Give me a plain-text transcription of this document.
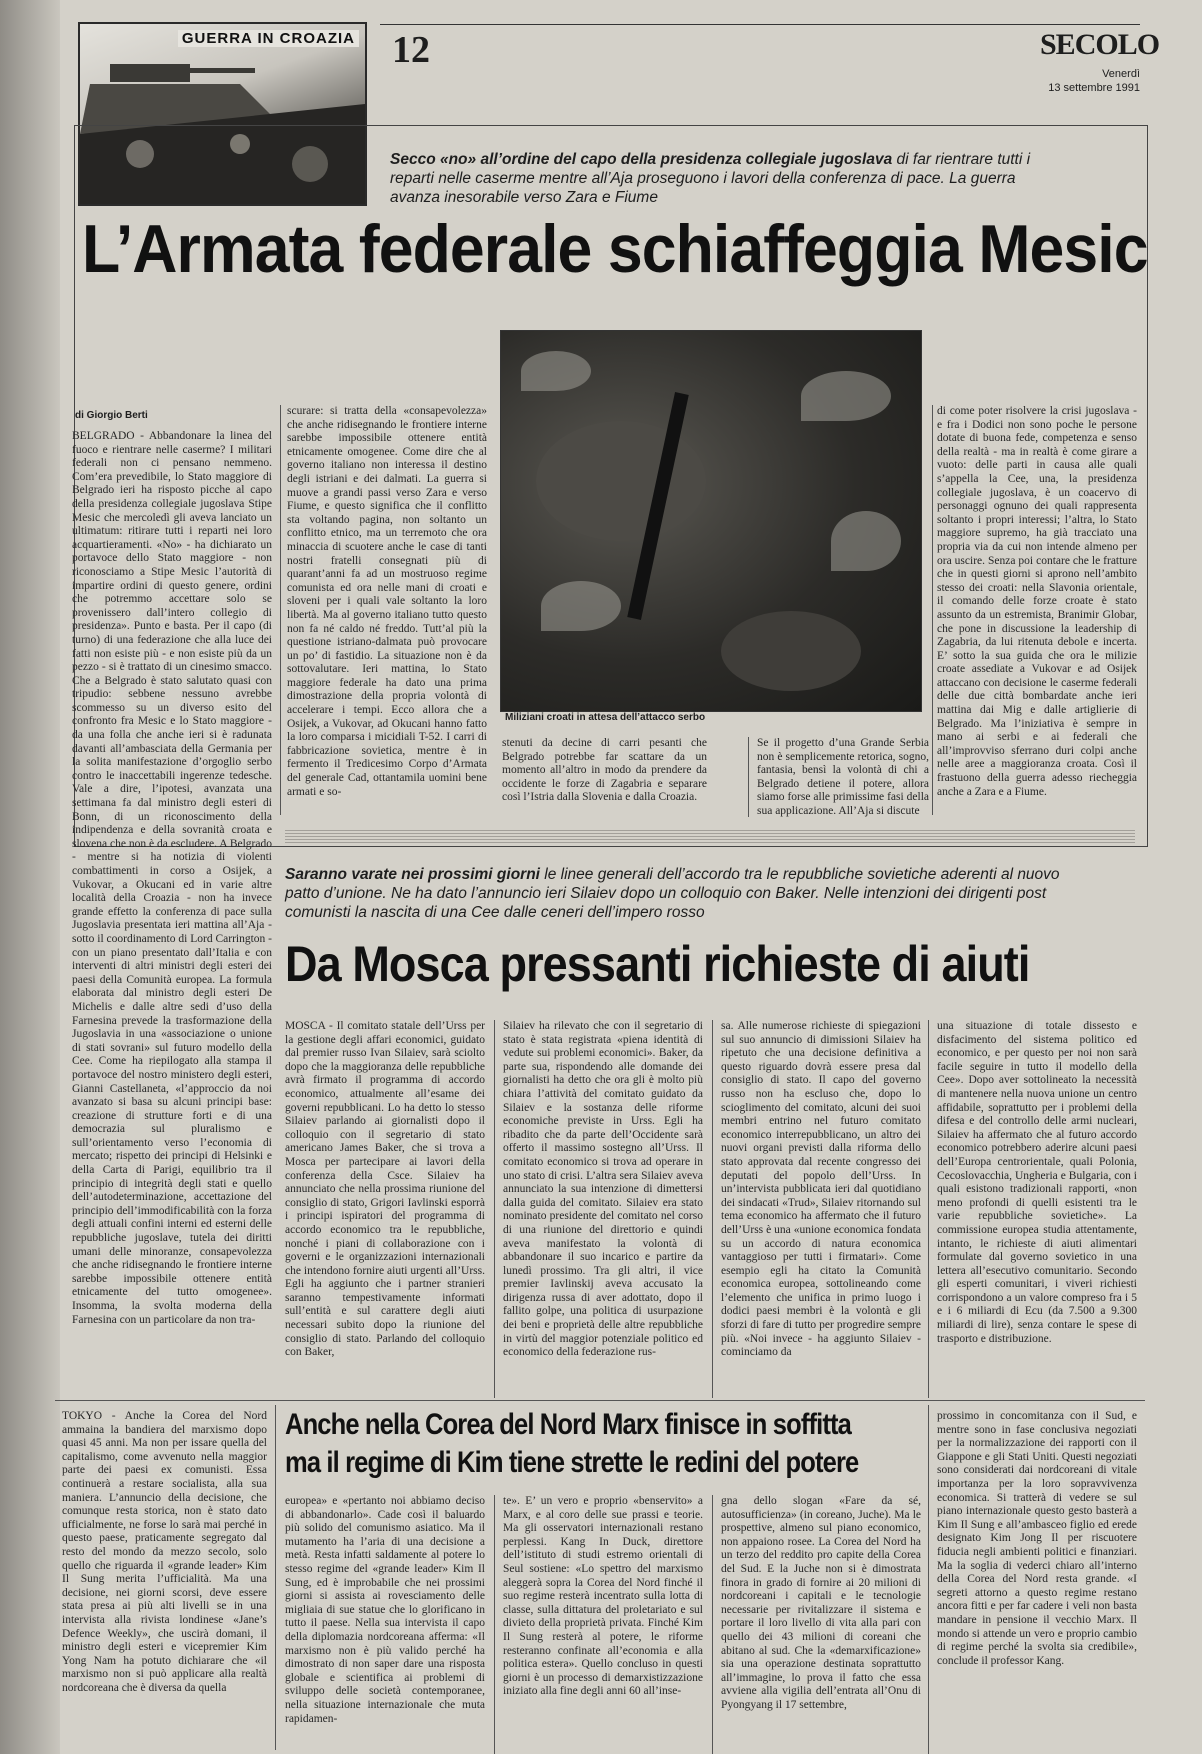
GUERRA IN CROAZIA 12	SECOLO
Venerdì
13 settembre 1991
Secco «no» all’ordine del capo della presidenza collegiale jugoslava di far rientrare tutti i reparti nelle caserme mentre all’Aja proseguono i lavori della conferenza di pace. La guerra avanza inesorabile verso Zara e Fiume
L’Armata federale schiaffeggia Mesic
di Giorgio Berti
BELGRADO - Abbandonare la linea del fuoco e rientrare nelle caserme? I militari federali non ci pensano nemmeno. Com’era prevedibile, lo Stato maggiore di Belgrado ieri ha risposto picche al capo della presidenza collegiale jugoslava Stipe Mesic che mercoledì gli aveva lanciato un ultimatum: ritirare tutti i reparti nei loro acquartieramenti. «No» - ha dichiarato un portavoce dello Stato maggiore - non riconosciamo a Stipe Mesic l’autorità di impartire ordini di questo genere, ordini che potremmo accettare solo se provenissero dall’intero collegio di presidenza». Punto e basta. Per il capo (di turno) di una federazione che alla luce dei fatti non esiste più - e non esiste più da un pezzo - si è trattato di un cinesimo smacco. Che a Belgrado è stato salutato quasi con tripudio: sebbene nessuno avrebbe scommesso su un diverso esito del confronto fra Mesic e lo Stato maggiore - da una folla che anche ieri si è radunata davanti all’ambasciata della Germania per la solita manifestazione d’orgoglio serbo contro le inaccettabili ingerenze tedesche. Vale a dire, l’ipotesi, avanzata una settimana fa dal ministro degli esteri di Bonn, di un riconoscimento della indipendenza e della sovranità croata e slovena che non è da escludere. A Belgrado - mentre si ha notizia di violenti combattimenti in corso a Osijek, a Vukovar, a Okucani ed in varie altre località della Croazia - non ha invece grande effetto la conferenza di pace sulla Jugoslavia presentata ieri mattina all’Aja - sotto il coordinamento di Lord Carrington - con un piano presentato dall’Italia e con interventi di altri ministri degli esteri dei paesi della Comunità europea. La formula elaborata dal ministro degli esteri De Michelis e dalle altre sedi d’uso della Farnesina prevede la trasformazione della Jugoslavia in una «associazione o unione di stati sovrani» sul futuro modello della Cee. Come ha riepilogato alla stampa il portavoce del nostro ministero degli esteri, Gianni Castellaneta, «l’approccio da noi avanzato si basa su alcuni principi base: creazione di strutture forti e di una democrazia sul pluralismo e sull’orientamento verso l’economia di mercato; rispetto dei principi di Helsinki e della Carta di Parigi, equilibrio tra il principio di integrità degli stati e quello dell’autodeterminazione, accettazione del principio dell’immodificabilità con la forza degli attuali confini interni ed esterni delle repubbliche jugoslave, tutela dei diritti umani delle minoranze, consapevolezza che anche ridisegnando le frontiere interne sarebbe impossibile ottenere entità etnicamente del tutto omogenee». Insomma, la svolta moderna della Farnesina con un particolare da non tra-
scurare: si tratta della «consapevolezza» che anche ridisegnando le frontiere interne sarebbe impossibile ottenere entità etnicamente omogenee. Come dire che al governo italiano non interessa il destino degli istriani e dei dalmati. La guerra si muove a grandi passi verso Zara e verso Fiume, e questo significa che il conflitto sta voltando pagina, non soltanto un conflitto etnico, ma un terremoto che ora minaccia di scuotere anche le case di tanti nostri fratelli consegnati più di quarant’anni fa ad un mostruoso regime comunista ed ora nelle mani di croati e sloveni per i quali vale soltanto la loro libertà. Ma al governo italiano tutto questo non fa né caldo né freddo. Tutt’al più la questione istriano-dalmata può provocare un po’ di fastidio. La situazione non è da sottovalutare. Ieri mattina, lo Stato maggiore federale ha dato una prima dimostrazione della propria volontà di accelerare i tempi. Ecco allora che a Osijek, a Vukovar, ad Okucani hanno fatto la loro comparsa i micidiali T-52. I carri di fabbricazione sovietica, mentre è in fermento il Tredicesimo Corpo d’Armata del generale Cad, ottantamila uomini bene armati e so-
Miliziani croati in attesa dell’attacco serbo
stenuti da decine di carri pesanti che Belgrado potrebbe far scattare da un momento all’altro in modo da prendere da occidente le forze di Zagabria e separare così l’Istria dalla Slovenia e dalla Croazia.
Se il progetto d’una Grande Serbia non è semplicemente retorica, sogno, fantasia, bensì la volontà di chi a Belgrado detiene il potere, allora siamo forse alle primissime fasi della sua applicazione. All’Aja si discute
di come poter risolvere la crisi jugoslava - e fra i Dodici non sono poche le persone dotate di buona fede, competenza e senso della realtà - ma in realtà è come girare a vuoto: delle parti in causa alle quali s’appella la Cee, una, la presidenza collegiale jugoslava, è un coacervo di personaggi ognuno dei quali rappresenta soltanto i propri interessi; l’altra, lo Stato maggiore supremo, ha già tracciato una propria via da cui non intende almeno per ora uscire. Senza poi contare che le fratture che in questi giorni si aprono nell’ambito stesso dei croati: nella Slavonia orientale, il comando delle forze croate è stato assunto da un estremista, Branimir Globar, che pone in discussione la leadership di Zagabria, da lui ritenuta debole e incerta. E’ sotto la sua guida che ora le milizie croate assediate a Vukovar e ad Osijek attaccano con decisione le caserme federali delle due città bombardate anche ieri mattina dai Mig e dalle artiglierie di Belgrado. Ma l’iniziativa è sempre in mano ai serbi e ai federali che all’improvviso sferrano duri colpi anche nelle aree a maggioranza croata. Così il frastuono della guerra adesso riecheggia anche a Zara e a Fiume.
Saranno varate nei prossimi giorni le linee generali dell’accordo tra le repubbliche sovietiche aderenti al nuovo patto d’unione. Ne ha dato l’annuncio ieri Silaiev dopo un colloquio con Baker. Nelle intenzioni dei dirigenti post comunisti la nascita di una Cee dalle ceneri dell’impero rosso
Da Mosca pressanti richieste di aiuti
MOSCA - Il comitato statale dell’Urss per la gestione degli affari economici, guidato dal premier russo Ivan Silaiev, sarà sciolto dopo che la maggioranza delle repubbliche avrà firmato il programma di accordo economico, attualmente all’esame dei governi repubblicani. Lo ha detto lo stesso Silaiev parlando ai giornalisti dopo il colloquio con il segretario di stato americano James Baker, che si trova a Mosca per partecipare ai lavori della conferenza della Csce. Silaiev ha annunciato che nella prossima riunione del consiglio di stato, Grigori Iavlinski esporrà i principi ispiratori del programma di accordo economico tra le repubbliche, nonché i piani di collaborazione con i governi e le organizzazioni internazionali che intendono fornire aiuti urgenti all’Urss. Egli ha aggiunto che i partner stranieri saranno tempestivamente informati sull’entità e sul carattere degli aiuti necessari subito dopo la riunione del consiglio di stato. Parlando del colloquio con Baker,
Silaiev ha rilevato che con il segretario di stato è stata registrata «piena identità di vedute sui problemi economici». Baker, da parte sua, rispondendo alle domande dei giornalisti ha detto che ora gli è molto più chiara l’attività del comitato guidato da Silaiev e la sostanza delle riforme economiche previste in Urss. Egli ha ribadito che da parte dell’Occidente sarà offerto il massimo sostegno all’Urss. Il comitato economico si trova ad operare in uno stato di crisi. L’altra sera Silaiev aveva annunciato la sua intenzione di dimettersi dalla guida del comitato. Silaiev era stato nominato presidente del comitato nel corso di una riunione del direttorio e quindi aveva manifestato la volontà di abbandonare il suo incarico e partire da lunedì prossimo. Tra gli altri, il vice premier Iavlinskij aveva accusato la dirigenza russa di aver adottato, dopo il fallito golpe, una politica di usurpazione dei beni e proprietà delle altre repubbliche in virtù del maggior potenziale politico ed economico della federazione rus-
sa. Alle numerose richieste di spiegazioni sul suo annuncio di dimissioni Silaiev ha ripetuto che una decisione definitiva a questo riguardo dovrà essere presa dal consiglio di stato. Il capo del governo russo non ha escluso che, dopo lo scioglimento del comitato, alcuni dei suoi membri entrino nel futuro comitato economico interrepubblicano, un altro dei nuovi organi previsti dalla riforma dello stato approvata dal recente congresso dei deputati del popolo dell’Urss. In un’intervista pubblicata ieri dal quotidiano dei sindacati «Trud», Silaiev ritornando sul tema economico ha affermato che il futuro dell’Urss è una «unione economica fondata su un accordo di natura economica vantaggioso per tutti i firmatari». Come esempio egli ha citato la Comunità economica europea, sottolineando come l’elemento che unifica in primo luogo i dodici paesi membri è la volontà e gli sforzi di fare di tutto per progredire sempre più. «Noi invece - ha aggiunto Silaiev - cominciamo da
una situazione di totale dissesto e disfacimento del sistema politico ed economico, e per questo per noi non sarà facile seguire in tutto il modello della Cee». Dopo aver sottolineato la necessità di mantenere nella nuova unione un centro affidabile, soprattutto per i problemi della difesa e del controllo delle armi nucleari, Silaiev ha affermato che al futuro accordo economico potrebbero aderire alcuni paesi dell’Europa centrorientale, quali Polonia, Cecoslovacchia, Ungheria e Bulgaria, con i quali esistono tradizionali rapporti, «non meno profondi di quelli esistenti tra le varie repubbliche sovietiche». La commissione europea studia attentamente, intanto, le richieste di aiuti alimentari formulate dal governo sovietico in una lettera all’esecutivo comunitario. Secondo gli esperti comunitari, i viveri richiesti corrispondono a un valore compreso fra i 5 e i 6 miliardi di Ecu (da 7.500 a 9.300 miliardi di lire), senza contare le spese di trasporto e distribuzione.
TOKYO - Anche la Corea del Nord ammaina la bandiera del marxismo dopo quasi 45 anni. Ma non per issare quella del capitalismo, come avvenuto nella maggior parte dei paesi ex comunisti. Essa continuerà a restare socialista, alla sua maniera. L’annuncio della decisione, che comunque resta storica, non è stato dato ufficialmente, ne forse lo sarà mai perché in questo paese, praticamente segregato dal resto del mondo da mezzo secolo, solo quello che riguarda il «grande leader» Kim Il Sung merita l’ufficialità. Ma una decisione, nei giorni scorsi, deve essere stata presa ai più alti livelli se in una intervista alla rivista londinese «Jane’s Defence Weekly», che uscirà domani, il ministro degli esteri e vicepremier Kim Yong Nam ha potuto dichiarare che «il marxismo non si può applicare alla realtà nordcoreana che è diversa da quella
Anche nella Corea del Nord Marx finisce in soffitta
ma il regime di Kim tiene strette le redini del potere
europea» e «pertanto noi abbiamo deciso di abbandonarlo». Cade così il baluardo più solido del comunismo asiatico. Ma il mutamento ha l’aria di una decisione a metà. Resta infatti saldamente al potere lo stesso regime del «grande leader» Kim Il Sung, ed è improbabile che nei prossimi giorni si assista ai rovesciamento delle migliaia di sue statue che lo glorificano in tutto il paese. Nella sua intervista il capo della diplomazia nordcoreana afferma: «Il marxismo non è più valido perché ha dimostrato di non saper dare una risposta globale e scientifica ai problemi di sviluppo delle società contemporanee, nella situazione internazionale che muta rapidamen-
te». E’ un vero e proprio «benservito» a Marx, e al coro delle sue prassi e teorie. Ma gli osservatori internazionali restano perplessi. Kang In Duck, direttore dell’istituto di studi estremo orientali di Seul sostiene: «Lo spettro del marxismo aleggerà sopra la Corea del Nord finché il suo regime resterà incentrato sulla lotta di classe, sulla dittatura del proletariato e sul divieto della proprietà privata. Finché Kim Il Sung resterà al potere, le riforme resteranno confinate all’economia e alla politica estera». Quello concluso in questi giorni è un processo di demarxistizzazione iniziato alla fine degli anni 60 all’inse-
gna dello slogan «Fare da sé, autosufficienza» (in coreano, Juche). Ma le prospettive, almeno sul piano economico, non appaiono rosee. La Corea del Nord ha un terzo del reddito pro capite della Corea del Sud. E la Juche non si è dimostrata finora in grado di fornire ai 20 milioni di nordcoreani i capitali e le tecnologie necessarie per rivitalizzare il sistema e portare il loro livello di vita alla pari con quello dei 43 milioni di coreani che abitano al sud. Che la «demarxificazione» sia una operazione destinata soprattutto all’immagine, lo prova il fatto che essa avviene alla vigilia dell’entrata all’Onu di Pyongyang il 17 settembre,
prossimo in concomitanza con il Sud, e mentre sono in fase conclusiva negoziati per la normalizzazione dei rapporti con il Giappone e gli Stati Uniti. Questi negoziati sono considerati dai nordcoreani di vitale importanza per la loro sopravvivenza economica. Si tratterà di vedere se sul piano internazionale questo gesto basterà a Kim Il Sung e all’ambasceo figlio ed erede designato Kim Jong Il per riscuotere fiducia negli ambienti politici e finanziari. Ma la soglia di vederci chiaro all’interno della Corea del Nord resta grande. «I segreti attorno a questo regime restano ancora fitti e per far cadere i veli non basta mandare in pensione il vecchio Marx. Il mondo si attende un vero e proprio cambio di regime perché la svolta sia credibile», conclude il professor Kang.
